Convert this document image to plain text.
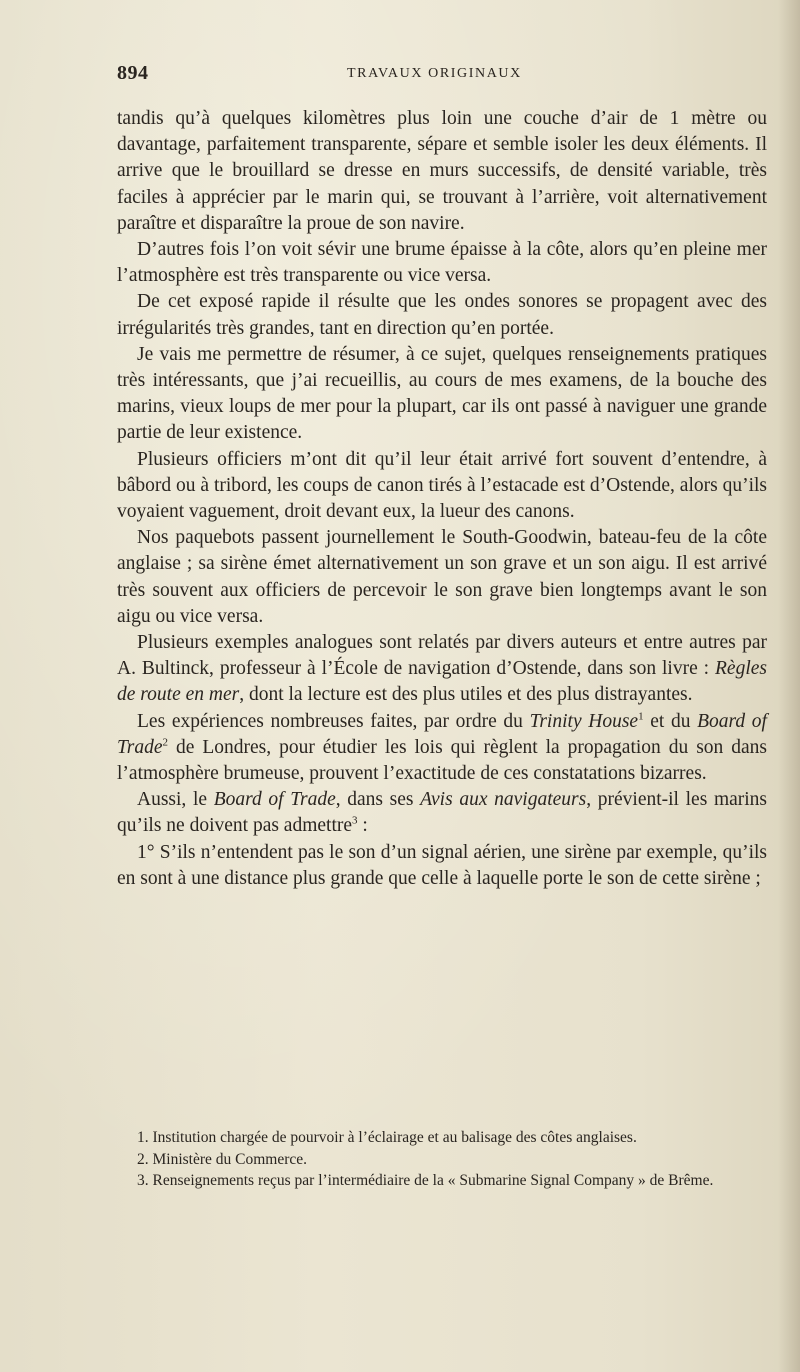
894	TRAVAUX ORIGINAUX

tandis qu’à quelques kilomètres plus loin une couche d’air de 1 mètre ou davantage, parfaitement transparente, sépare et semble isoler les deux éléments. Il arrive que le brouillard se dresse en murs successifs, de densité variable, très faciles à apprécier par le marin qui, se trouvant à l’arrière, voit alternativement paraître et disparaître la proue de son navire.

D’autres fois l’on voit sévir une brume épaisse à la côte, alors qu’en pleine mer l’atmosphère est très transparente ou vice versa.

De cet exposé rapide il résulte que les ondes sonores se propagent avec des irrégularités très grandes, tant en direction qu’en portée.

Je vais me permettre de résumer, à ce sujet, quelques renseignements pratiques très intéressants, que j’ai recueillis, au cours de mes examens, de la bouche des marins, vieux loups de mer pour la plupart, car ils ont passé à naviguer une grande partie de leur existence.

Plusieurs officiers m’ont dit qu’il leur était arrivé fort souvent d’entendre, à bâbord ou à tribord, les coups de canon tirés à l’estacade est d’Ostende, alors qu’ils voyaient vaguement, droit devant eux, la lueur des canons.

Nos paquebots passent journellement le South-Goodwin, bateau-feu de la côte anglaise ; sa sirène émet alternativement un son grave et un son aigu. Il est arrivé très souvent aux officiers de percevoir le son grave bien longtemps avant le son aigu ou vice versa.

Plusieurs exemples analogues sont relatés par divers auteurs et entre autres par A. Bultinck, professeur à l’École de navigation d’Ostende, dans son livre : Règles de route en mer, dont la lecture est des plus utiles et des plus distrayantes.

Les expériences nombreuses faites, par ordre du Trinity House$^1$ et du Board of Trade$^2$ de Londres, pour étudier les lois qui règlent la propagation du son dans l’atmosphère brumeuse, prouvent l’exactitude de ces constatations bizarres.

Aussi, le Board of Trade, dans ses Avis aux navigateurs, prévient-il les marins qu’ils ne doivent pas admettre$^3$ :

1° S’ils n’entendent pas le son d’un signal aérien, une sirène par exemple, qu’ils en sont à une distance plus grande que celle à laquelle porte le son de cette sirène ;

1. Institution chargée de pourvoir à l’éclairage et au balisage des côtes anglaises.

2. Ministère du Commerce.

3. Renseignements reçus par l’intermédiaire de la « Submarine Signal Company » de Brême.
